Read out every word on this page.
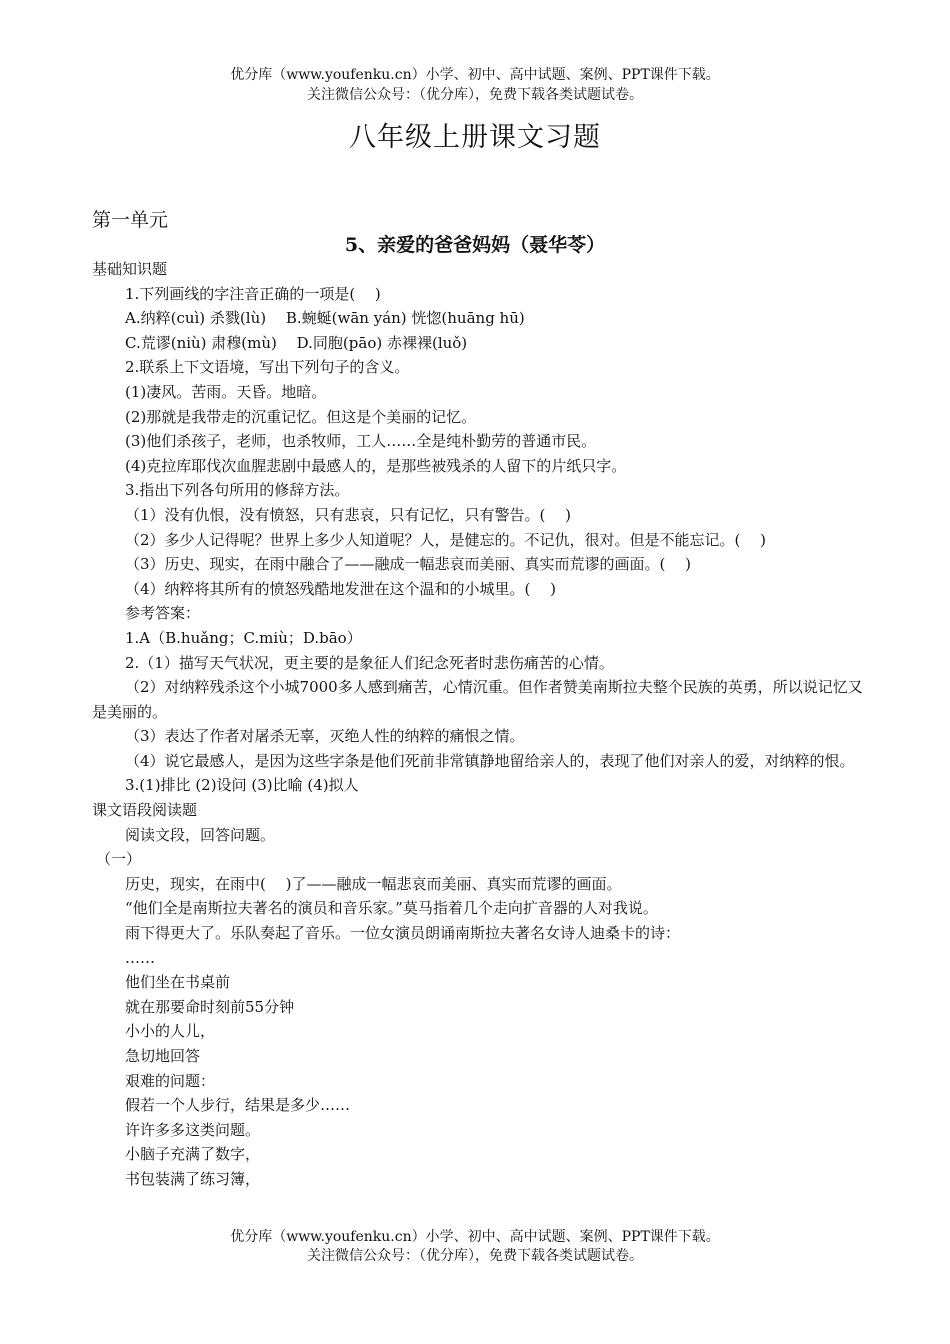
优分库（www.youfenku.cn）小学、初中、高中试题、案例、PPT课件下载。
关注微信公众号：（优分库），免费下载各类试题试卷。
八年级上册课文习题
第一单元
5、亲爱的爸爸妈妈（聂华苓）

基础知识题

1.下列画线的字注音正确的一项是(　 )

A.纳粹(cuì) 杀戮(lù)　 B.蜿蜒(wān yán) 恍惚(huāng hū)

C.荒谬(niù) 肃穆(mù)　 D.同胞(pāo) 赤裸裸(luǒ)

2.联系上下文语境，写出下列句子的含义。

(1)凄风。苦雨。天昏。地暗。

(2)那就是我带走的沉重记忆。但这是个美丽的记忆。

(3)他们杀孩子，老师，也杀牧师，工人……全是纯朴勤劳的普通市民。

(4)克拉库耶伐次血腥悲剧中最感人的，是那些被残杀的人留下的片纸只字。

3.指出下列各句所用的修辞方法。

（1）没有仇恨，没有愤怒，只有悲哀，只有记忆，只有警告。(　 )

（2）多少人记得呢？世界上多少人知道呢？人，是健忘的。不记仇，很对。但是不能忘记。(　 )

（3）历史、现实，在雨中融合了——融成一幅悲哀而美丽、真实而荒谬的画面。(　 )

（4）纳粹将其所有的愤怒残酷地发泄在这个温和的小城里。(　 )

参考答案：

1.A（B.huǎng；C.miù；D.bāo）

2.（1）描写天气状况，更主要的是象征人们纪念死者时悲伤痛苦的心情。

（2）对纳粹残杀这个小城7000多人感到痛苦，心情沉重。但作者赞美南斯拉夫整个民族的英勇，所以说记忆又是美丽的。

（3）表达了作者对屠杀无辜，灭绝人性的纳粹的痛恨之情。

（4）说它最感人，是因为这些字条是他们死前非常镇静地留给亲人的，表现了他们对亲人的爱，对纳粹的恨。

3.(1)排比 (2)设问 (3)比喻 (4)拟人

课文语段阅读题

阅读文段，回答问题。

（一）

历史，现实，在雨中(　 )了——融成一幅悲哀而美丽、真实而荒谬的画面。

“他们全是南斯拉夫著名的演员和音乐家。”莫马指着几个走向扩音器的人对我说。

雨下得更大了。乐队奏起了音乐。一位女演员朗诵南斯拉夫著名女诗人迪桑卡的诗：

……

他们坐在书桌前

就在那要命时刻前55分钟

小小的人儿，

急切地回答

艰难的问题：

假若一个人步行，结果是多少……

许许多多这类问题。

小脑子充满了数字，

书包装满了练习簿，

优分库（www.youfenku.cn）小学、初中、高中试题、案例、PPT课件下载。
关注微信公众号：（优分库），免费下载各类试题试卷。
